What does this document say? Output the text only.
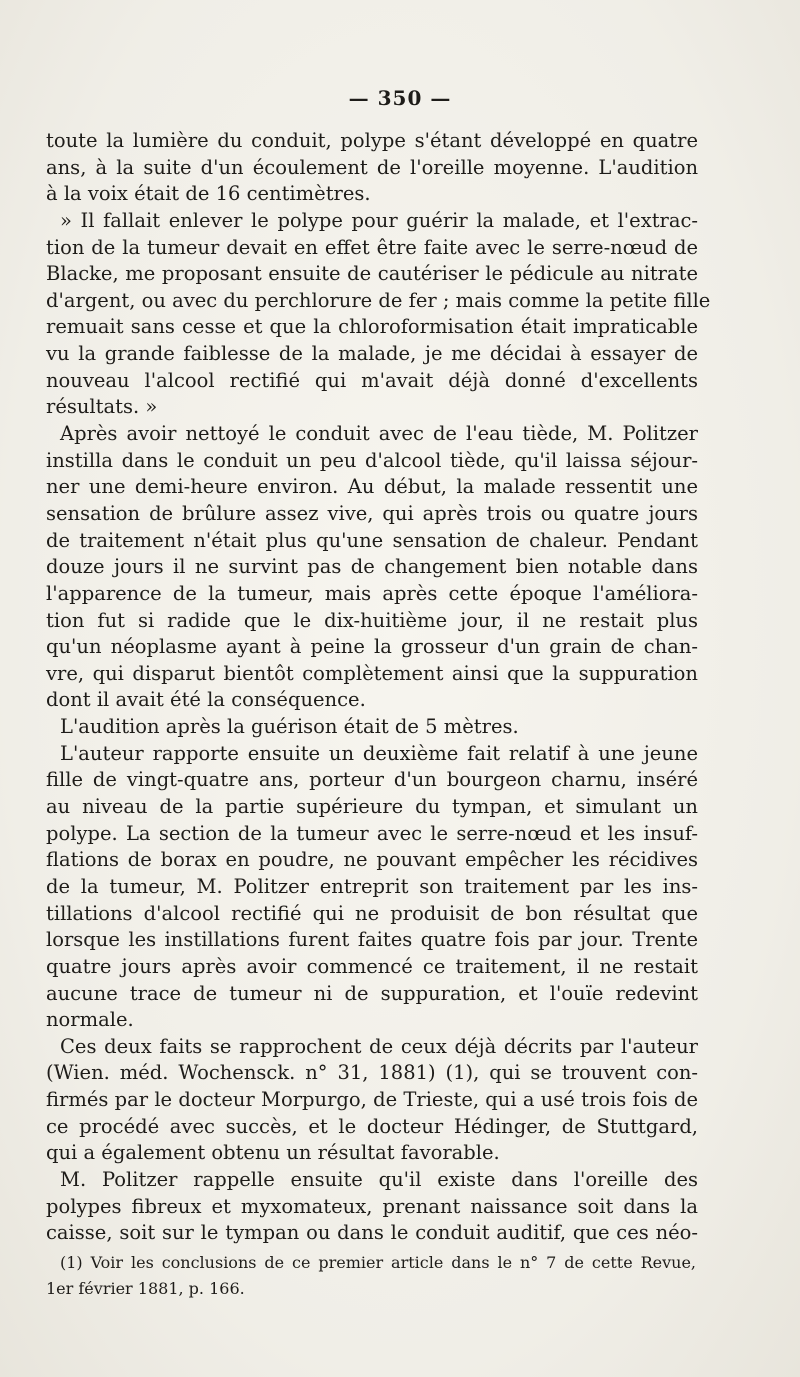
— 350 —
toute la lumière du conduit, polype s'étant développé en quatre
ans, à la suite d'un écoulement de l'oreille moyenne. L'audition
à la voix était de 16 centimètres.
» Il fallait enlever le polype pour guérir la malade, et l'extrac-
tion de la tumeur devait en effet être faite avec le serre-nœud de
Blacke, me proposant ensuite de cautériser le pédicule au nitrate
d'argent, ou avec du perchlorure de fer ; mais comme la petite fille
remuait sans cesse et que la chloroformisation était impraticable
vu la grande faiblesse de la malade, je me décidai à essayer de
nouveau l'alcool rectifié qui m'avait déjà donné d'excellents
résultats. »
Après avoir nettoyé le conduit avec de l'eau tiède, M. Politzer
instilla dans le conduit un peu d'alcool tiède, qu'il laissa séjour-
ner une demi-heure environ. Au début, la malade ressentit une
sensation de brûlure assez vive, qui après trois ou quatre jours
de traitement n'était plus qu'une sensation de chaleur. Pendant
douze jours il ne survint pas de changement bien notable dans
l'apparence de la tumeur, mais après cette époque l'améliora-
tion fut si radide que le dix-huitième jour, il ne restait plus
qu'un néoplasme ayant à peine la grosseur d'un grain de chan-
vre, qui disparut bientôt complètement ainsi que la suppuration
dont il avait été la conséquence.
L'audition après la guérison était de 5 mètres.
L'auteur rapporte ensuite un deuxième fait relatif à une jeune
fille de vingt-quatre ans, porteur d'un bourgeon charnu, inséré
au niveau de la partie supérieure du tympan, et simulant un
polype. La section de la tumeur avec le serre-nœud et les insuf-
flations de borax en poudre, ne pouvant empêcher les récidives
de la tumeur, M. Politzer entreprit son traitement par les ins-
tillations d'alcool rectifié qui ne produisit de bon résultat que
lorsque les instillations furent faites quatre fois par jour. Trente
quatre jours après avoir commencé ce traitement, il ne restait
aucune trace de tumeur ni de suppuration, et l'ouïe redevint
normale.
Ces deux faits se rapprochent de ceux déjà décrits par l'auteur
(Wien. méd. Wochensck. n° 31, 1881) (1), qui se trouvent con-
firmés par le docteur Morpurgo, de Trieste, qui a usé trois fois de
ce procédé avec succès, et le docteur Hédinger, de Stuttgard,
qui a également obtenu un résultat favorable.
M. Politzer rappelle ensuite qu'il existe dans l'oreille des
polypes fibreux et myxomateux, prenant naissance soit dans la
caisse, soit sur le tympan ou dans le conduit auditif, que ces néo-
(1) Voir les conclusions de ce premier article dans le n° 7 de cette Revue,
1er février 1881, p. 166.
